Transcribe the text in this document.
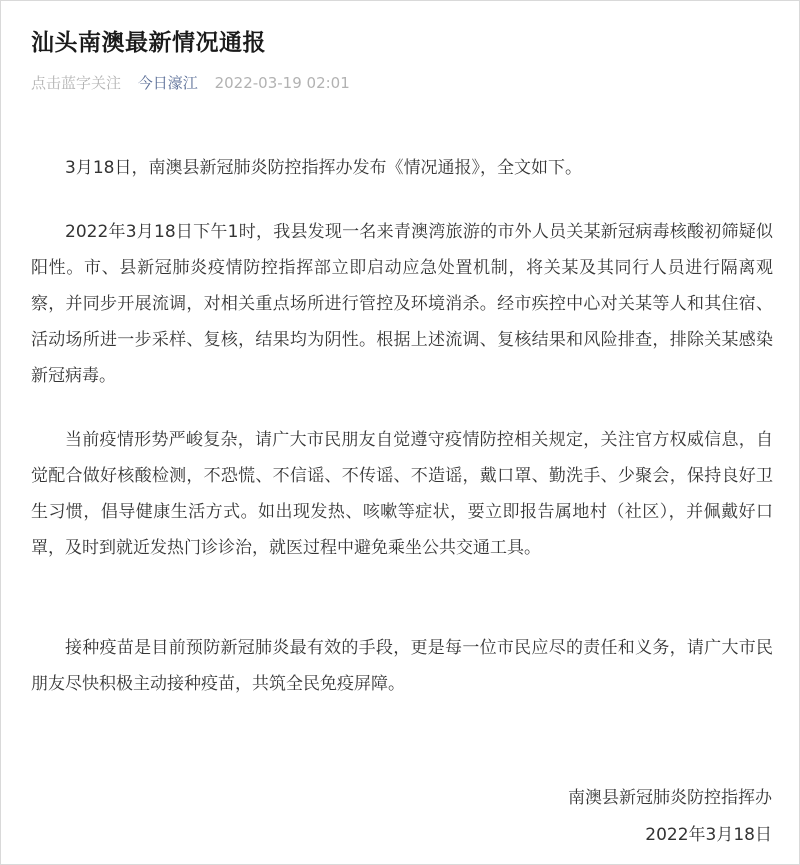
汕头南澳最新情况通报
点击蓝字关注 今日濠江 2022-03-19 02:01
3月18日，南澳县新冠肺炎防控指挥办发布《情况通报》，全文如下。
2022年3月18日下午1时，我县发现一名来青澳湾旅游的市外人员关某新冠病毒核酸初筛疑似阳性。市、县新冠肺炎疫情防控指挥部立即启动应急处置机制，将关某及其同行人员进行隔离观察，并同步开展流调，对相关重点场所进行管控及环境消杀。经市疾控中心对关某等人和其住宿、活动场所进一步采样、复核，结果均为阴性。根据上述流调、复核结果和风险排查，排除关某感染新冠病毒。
当前疫情形势严峻复杂，请广大市民朋友自觉遵守疫情防控相关规定，关注官方权威信息，自觉配合做好核酸检测，不恐慌、不信谣、不传谣、不造谣，戴口罩、勤洗手、少聚会，保持良好卫生习惯，倡导健康生活方式。如出现发热、咳嗽等症状，要立即报告属地村（社区），并佩戴好口罩，及时到就近发热门诊诊治，就医过程中避免乘坐公共交通工具。
接种疫苗是目前预防新冠肺炎最有效的手段，更是每一位市民应尽的责任和义务，请广大市民朋友尽快积极主动接种疫苗，共筑全民免疫屏障。
南澳县新冠肺炎防控指挥办
2022年3月18日
